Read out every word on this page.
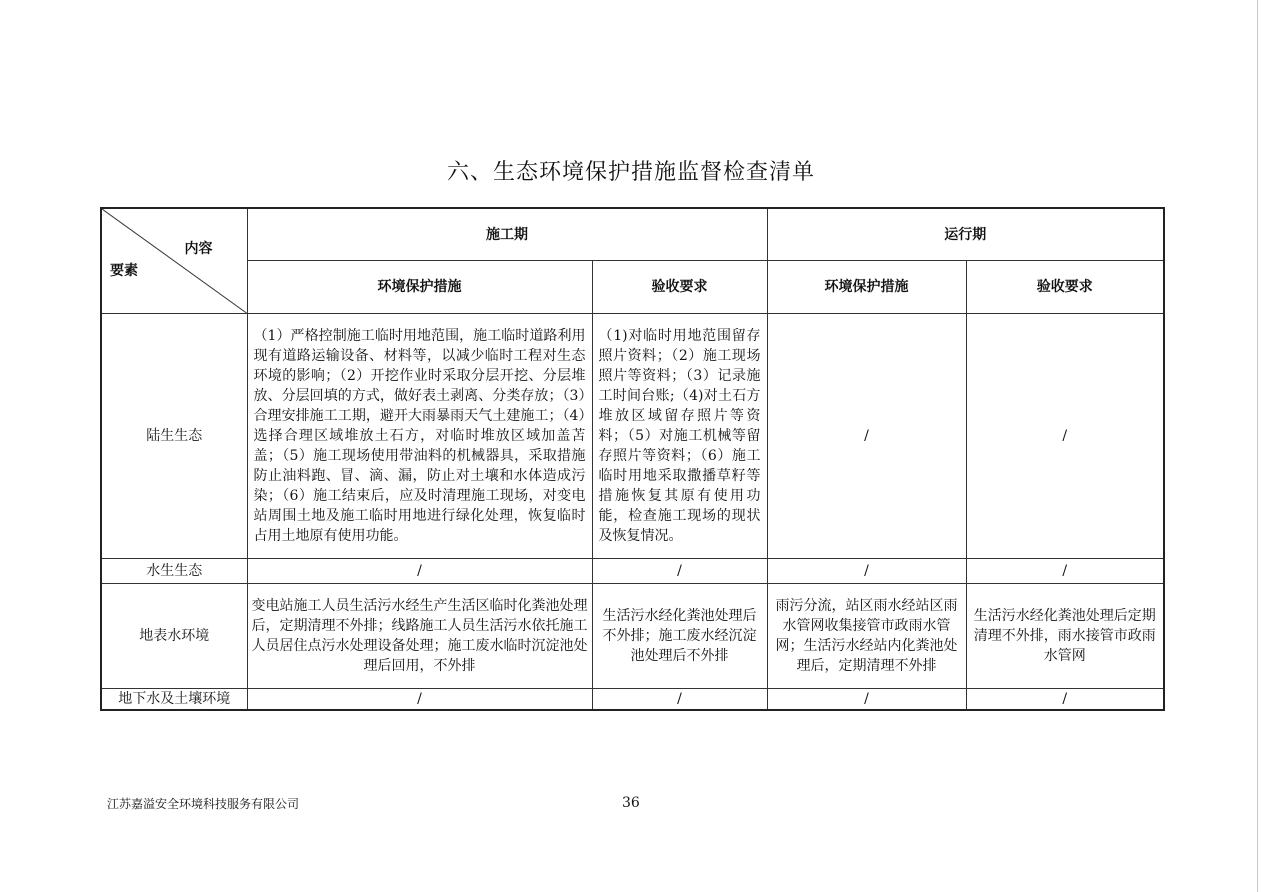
六、生态环境保护措施监督检查清单
内容
要素	施工期		运行期	
	环境保护措施	验收要求	环境保护措施	验收要求
陆生生态	（1）严格控制施工临时用地范围，施工临时道路利用现有道路运输设备、材料等，以减少临时工程对生态环境的影响；（2）开挖作业时采取分层开挖、分层堆放、分层回填的方式，做好表土剥离、分类存放；（3）合理安排施工工期，避开大雨暴雨天气土建施工；（4）选择合理区域堆放土石方，对临时堆放区域加盖苫盖；（5）施工现场使用带油料的机械器具，采取措施防止油料跑、冒、滴、漏，防止对土壤和水体造成污染；（6）施工结束后，应及时清理施工现场，对变电站周围土地及施工临时用地进行绿化处理，恢复临时占用土地原有使用功能。	（1)对临时用地范围留存照片资料；（2）施工现场照片等资料；（3）记录施工时间台账;（4)对土石方堆放区域留存照片等资料；（5）对施工机械等留存照片等资料；（6）施工临时用地采取撒播草籽等措施恢复其原有使用功能，检查施工现场的现状及恢复情况。	/	/
水生生态	/	/	/	/
地表水环境	变电站施工人员生活污水经生产生活区临时化粪池处理后，定期清理不外排；线路施工人员生活污水依托施工人员居住点污水处理设备处理；施工废水临时沉淀池处理后回用，不外排	生活污水经化粪池处理后不外排；施工废水经沉淀池处理后不外排	雨污分流，站区雨水经站区雨水管网收集接管市政雨水管网；生活污水经站内化粪池处理后，定期清理不外排	生活污水经化粪池处理后定期清理不外排，雨水接管市政雨水管网
地下水及土壤环境	/	/	/	/
江苏嘉溢安全环境科技服务有限公司	36
